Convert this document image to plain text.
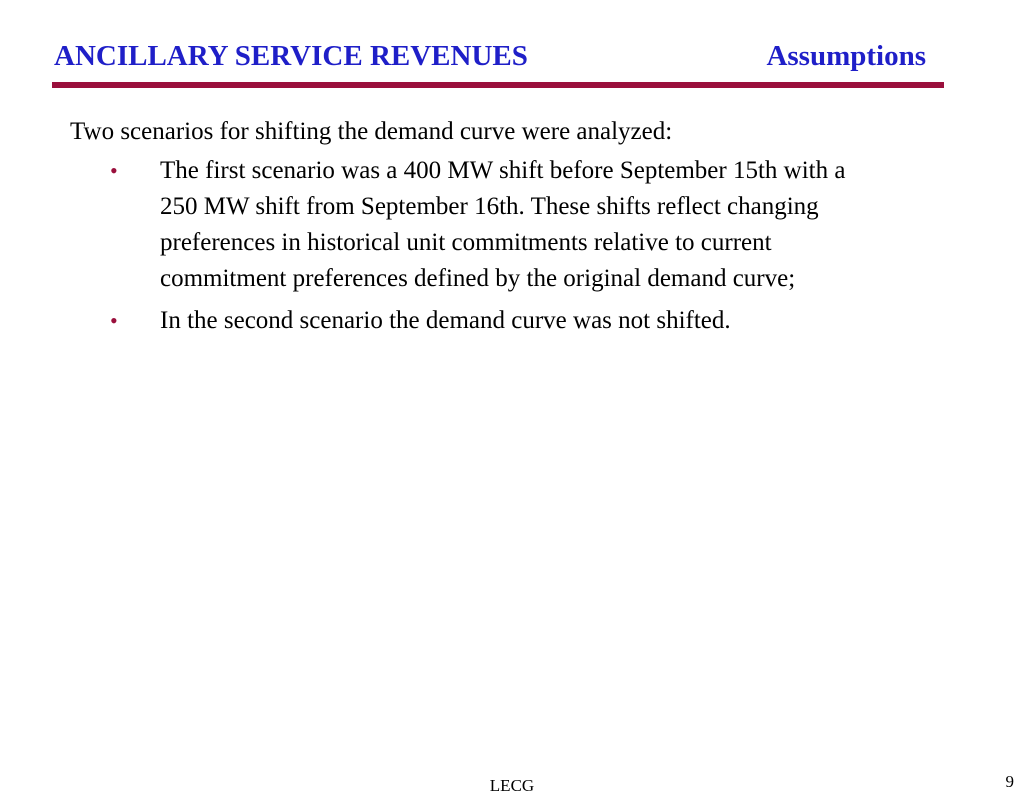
ANCILLARY SERVICE REVENUES	Assumptions

Two scenarios for shifting the demand curve were analyzed:

• The first scenario was a 400 MW shift before September 15th with a 250 MW shift from September 16th. These shifts reflect changing preferences in historical unit commitments relative to current commitment preferences defined by the original demand curve;
• In the second scenario the demand curve was not shifted.
LECG	9
